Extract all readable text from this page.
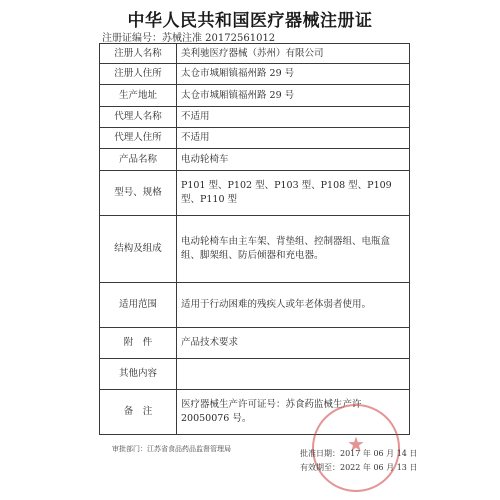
中华人民共和国医疗器械注册证
注册证编号：苏械注准 20172561012
注册人名称	美利驰医疗器械（苏州）有限公司
注册人住所	太仓市城厢镇福州路 29 号
生产地址	太仓市城厢镇福州路 29 号
代理人名称	不适用
代理人住所	不适用
产品名称	电动轮椅车
型号、规格	P101 型、P102 型、P103 型、P108 型、P109 型、P110 型
结构及组成	电动轮椅车由主车架、背垫组、控制器组、电瓶盒组、脚架组、防后倾器和充电器。
适用范围	适用于行动困难的残疾人或年老体弱者使用。
附　件	产品技术要求
其他内容	
备　注	医疗器械生产许可证号：苏食药监械生产许 20050076 号。
★
审批部门：江苏省食品药品监督管理局	批准日期：2017 年 06 月 14 日
有效期至：2022 年 06 月 13 日
